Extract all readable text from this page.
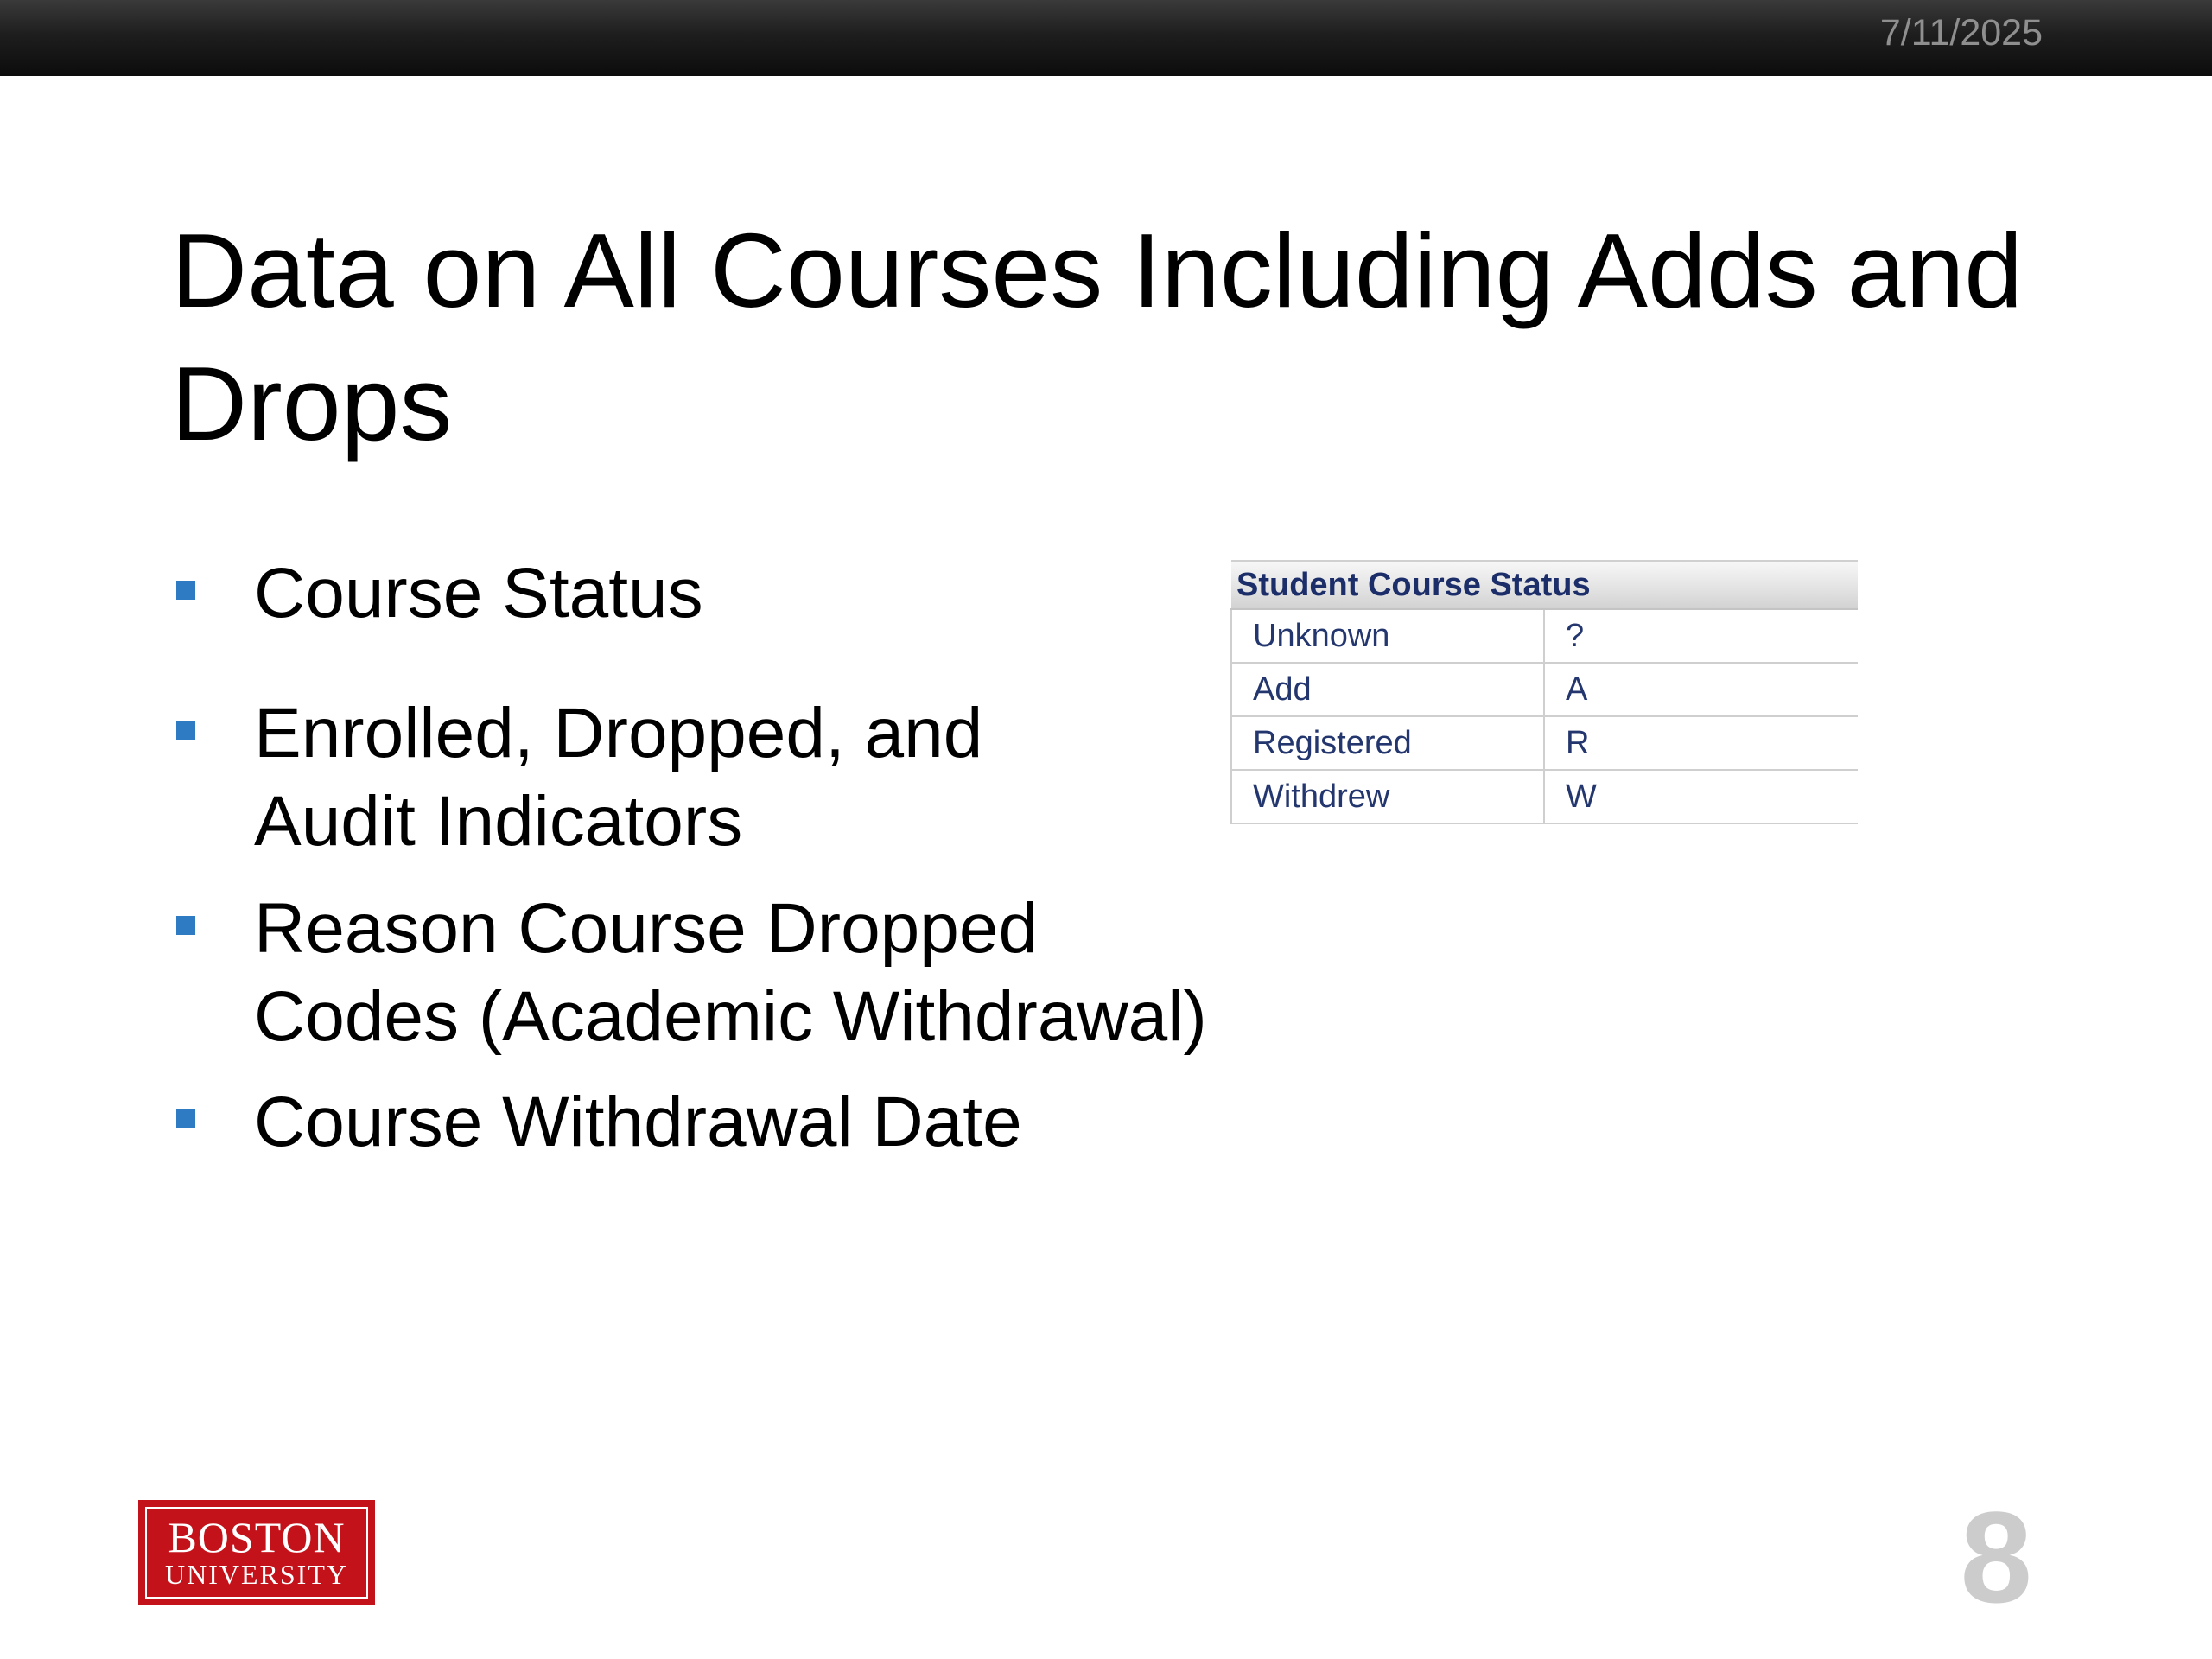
7/11/2025
Data on All Courses Including Adds and Drops
Course Status
Enrolled, Dropped, and
Audit Indicators
Reason Course Dropped
Codes (Academic Withdrawal)
Course Withdrawal Date
Student Course Status	
Unknown	?
Add	A
Registered	R
Withdrew	W
BOSTON
UNIVERSITY	8
